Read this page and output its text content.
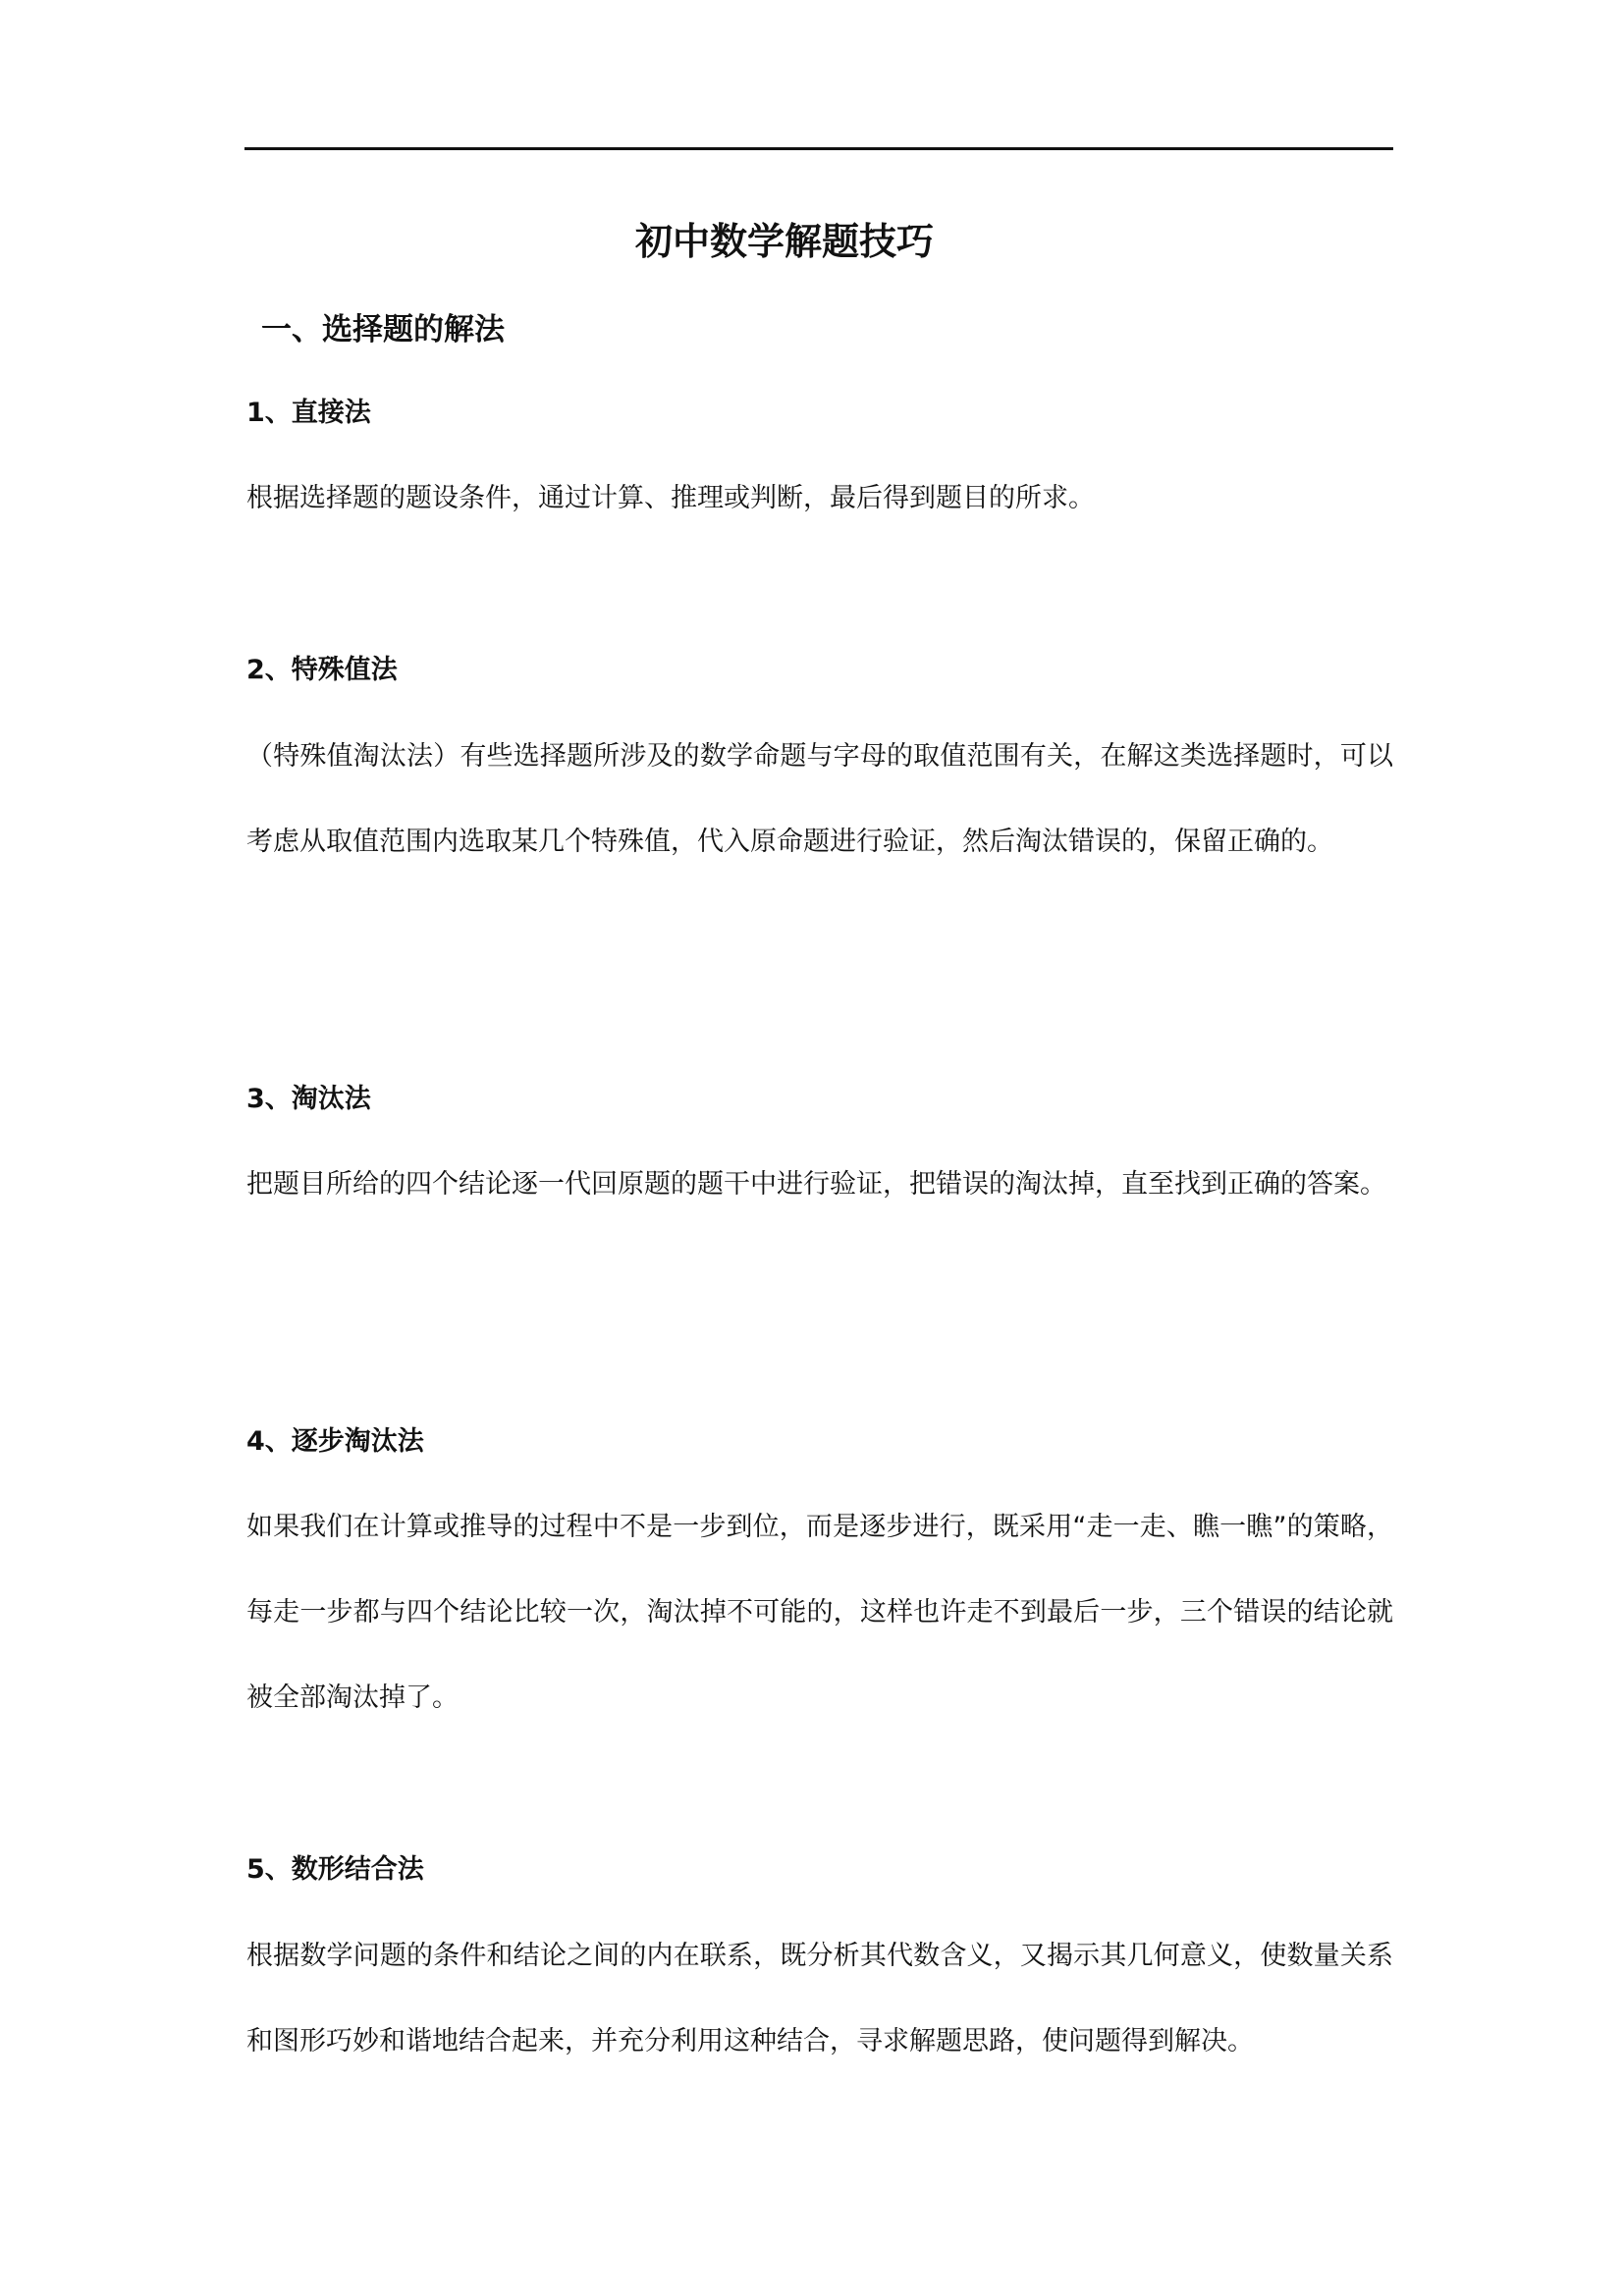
初中数学解题技巧
一、选择题的解法
1、直接法

根据选择题的题设条件，通过计算、推理或判断，最后得到题目的所求。

2、特殊值法

（特殊值淘汰法）有些选择题所涉及的数学命题与字母的取值范围有关，在解这类选择题时，可以考虑从取值范围内选取某几个特殊值，代入原命题进行验证，然后淘汰错误的，保留正确的。

3、淘汰法

把题目所给的四个结论逐一代回原题的题干中进行验证，把错误的淘汰掉，直至找到正确的答案。

4、逐步淘汰法

如果我们在计算或推导的过程中不是一步到位，而是逐步进行，既采用“走一走、瞧一瞧”的策略，每走一步都与四个结论比较一次，淘汰掉不可能的，这样也许走不到最后一步，三个错误的结论就被全部淘汰掉了。

5、数形结合法

根据数学问题的条件和结论之间的内在联系，既分析其代数含义，又揭示其几何意义，使数量关系和图形巧妙和谐地结合起来，并充分利用这种结合，寻求解题思路，使问题得到解决。
